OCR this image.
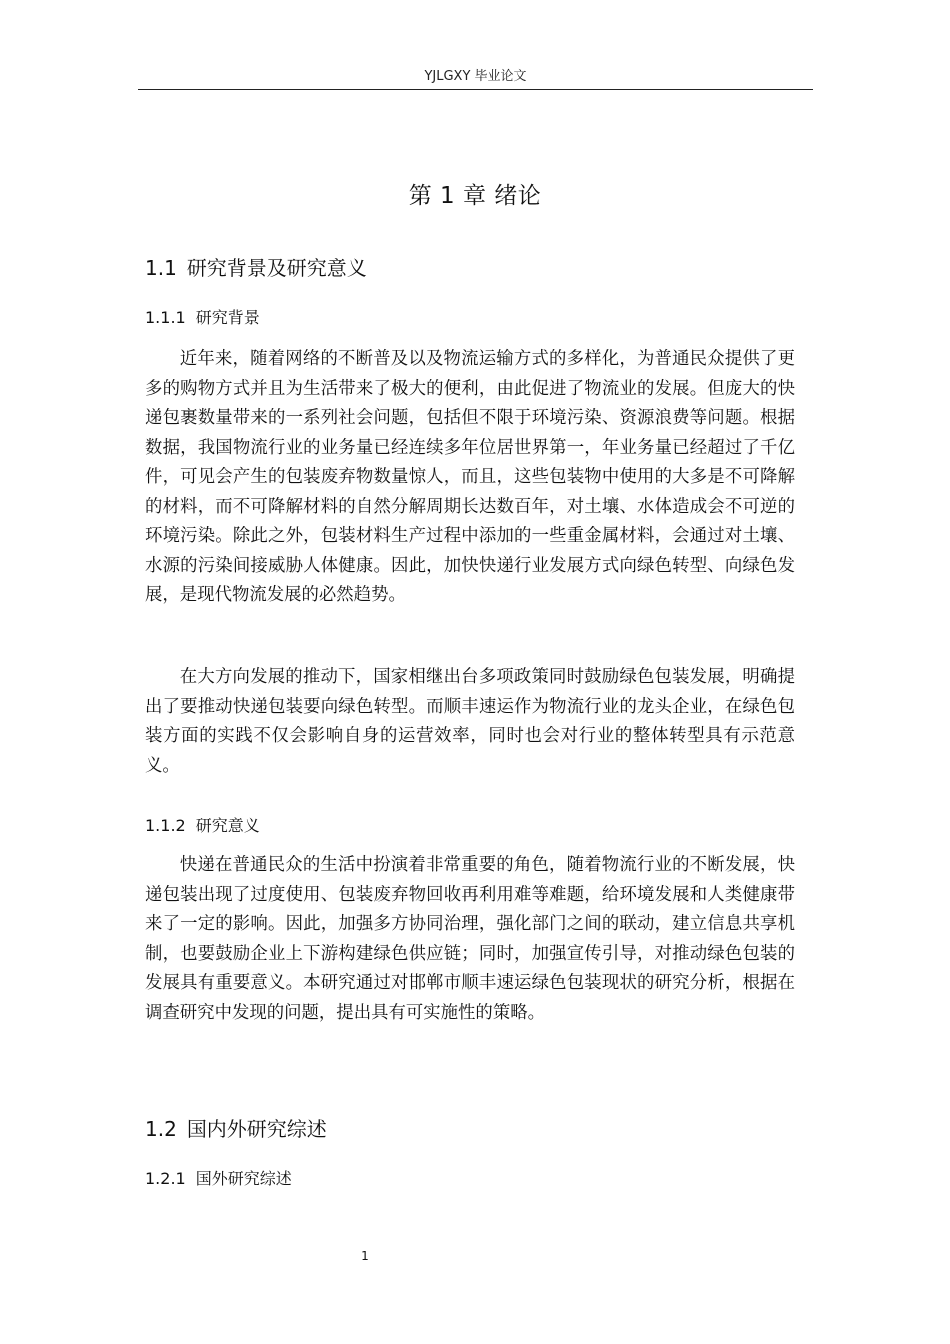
YJLGXY 毕业论文
第 1 章 绪论
1.1 研究背景及研究意义
1.1.1 研究背景

近年来，随着网络的不断普及以及物流运输方式的多样化，为普通民众提供了更多的购物方式并且为生活带来了极大的便利，由此促进了物流业的发展。但庞大的快递包裹数量带来的一系列社会问题，包括但不限于环境污染、资源浪费等问题。根据数据，我国物流行业的业务量已经连续多年位居世界第一，年业务量已经超过了千亿件，可见会产生的包装废弃物数量惊人，而且，这些包装物中使用的大多是不可降解的材料，而不可降解材料的自然分解周期长达数百年，对土壤、水体造成会不可逆的环境污染。除此之外，包装材料生产过程中添加的一些重金属材料，会通过对土壤、水源的污染间接威胁人体健康。因此，加快快递行业发展方式向绿色转型、向绿色发展，是现代物流发展的必然趋势。

在大方向发展的推动下，国家相继出台多项政策同时鼓励绿色包装发展，明确提出了要推动快递包装要向绿色转型。而顺丰速运作为物流行业的龙头企业，在绿色包装方面的实践不仅会影响自身的运营效率，同时也会对行业的整体转型具有示范意义。

1.1.2 研究意义

快递在普通民众的生活中扮演着非常重要的角色，随着物流行业的不断发展，快递包装出现了过度使用、包装废弃物回收再利用难等难题，给环境发展和人类健康带来了一定的影响。因此，加强多方协同治理，强化部门之间的联动，建立信息共享机制，也要鼓励企业上下游构建绿色供应链；同时，加强宣传引导，对推动绿色包装的发展具有重要意义。本研究通过对邯郸市顺丰速运绿色包装现状的研究分析，根据在调查研究中发现的问题，提出具有可实施性的策略。

1.2 国内外研究综述
1.2.1 国外研究综述
1
